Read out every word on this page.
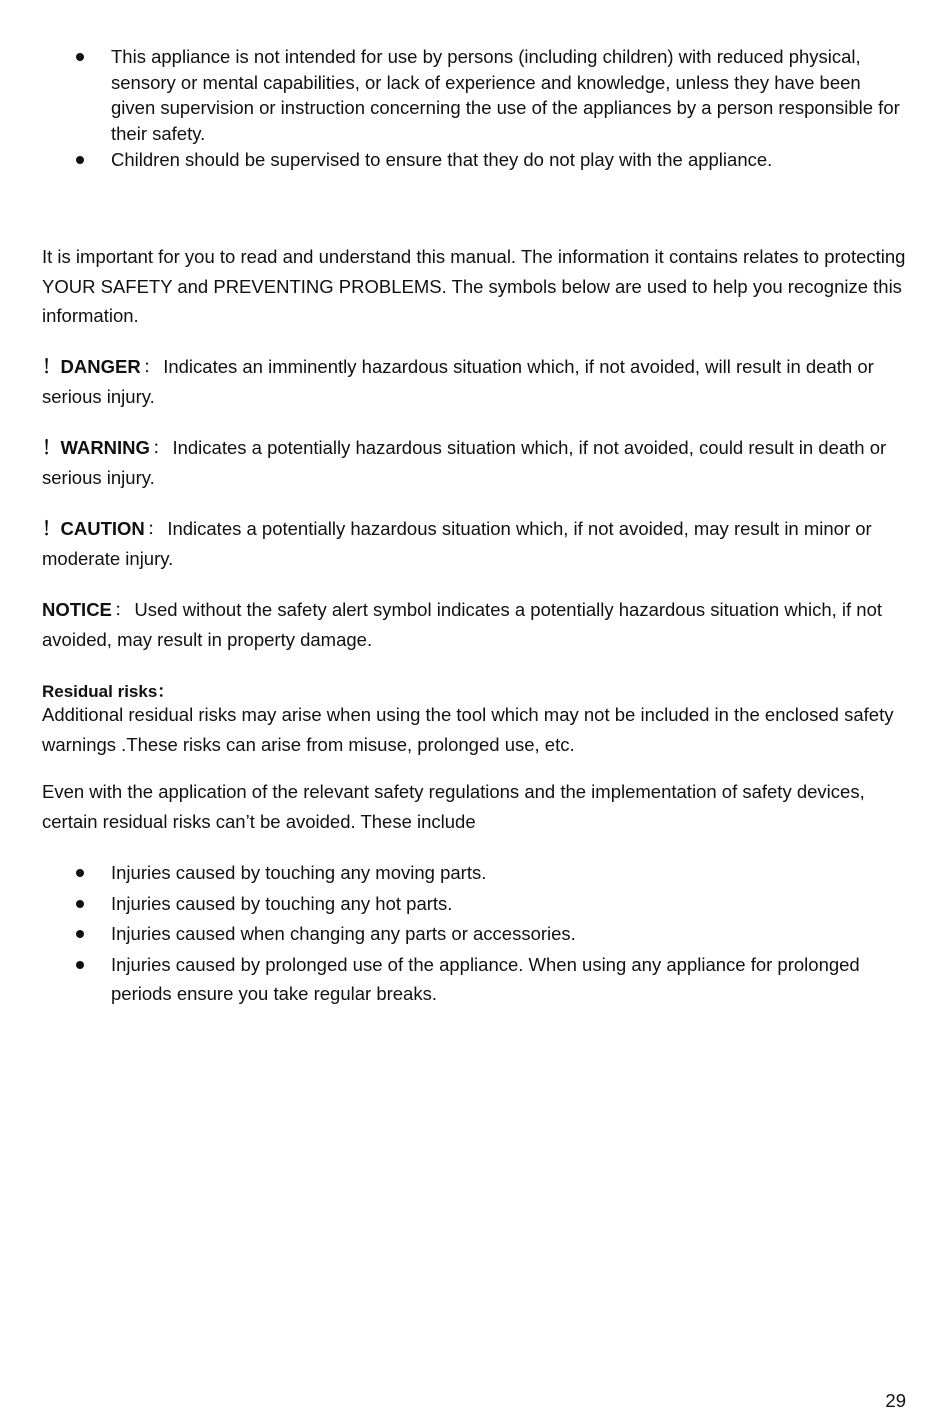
This appliance is not intended for use by persons (including children) with reduced physical, sensory or mental capabilities, or lack of experience and knowledge, unless they have been given supervision or instruction concerning the use of the appliances by a person responsible for their safety.
Children should be supervised to ensure that they do not play with the appliance.

It is important for you to read and understand this manual. The information it contains relates to protecting YOUR SAFETY and PREVENTING PROBLEMS. The symbols below are used to help you recognize this information.

！DANGER ： Indicates an imminently hazardous situation which, if not avoided, will result in death or serious injury.

！WARNING ： Indicates a potentially hazardous situation which, if not avoided, could result in death or serious injury.

！CAUTION ： Indicates a potentially hazardous situation which, if not avoided, may result in minor or moderate injury.

NOTICE ： Used without the safety alert symbol indicates a potentially hazardous situation which, if not avoided, may result in property damage.

Residual risks：

Additional residual risks may arise when using the tool which may not be included in the enclosed safety warnings .These risks can arise from misuse, prolonged use, etc.

Even with the application of the relevant safety regulations and the implementation of safety devices, certain residual risks can’t be avoided. These include

Injuries caused by touching any moving parts.
Injuries caused by touching any hot parts.
Injuries caused when changing any parts or accessories.
Injuries caused by prolonged use of the appliance. When using any appliance for prolonged periods ensure you take regular breaks.
29
